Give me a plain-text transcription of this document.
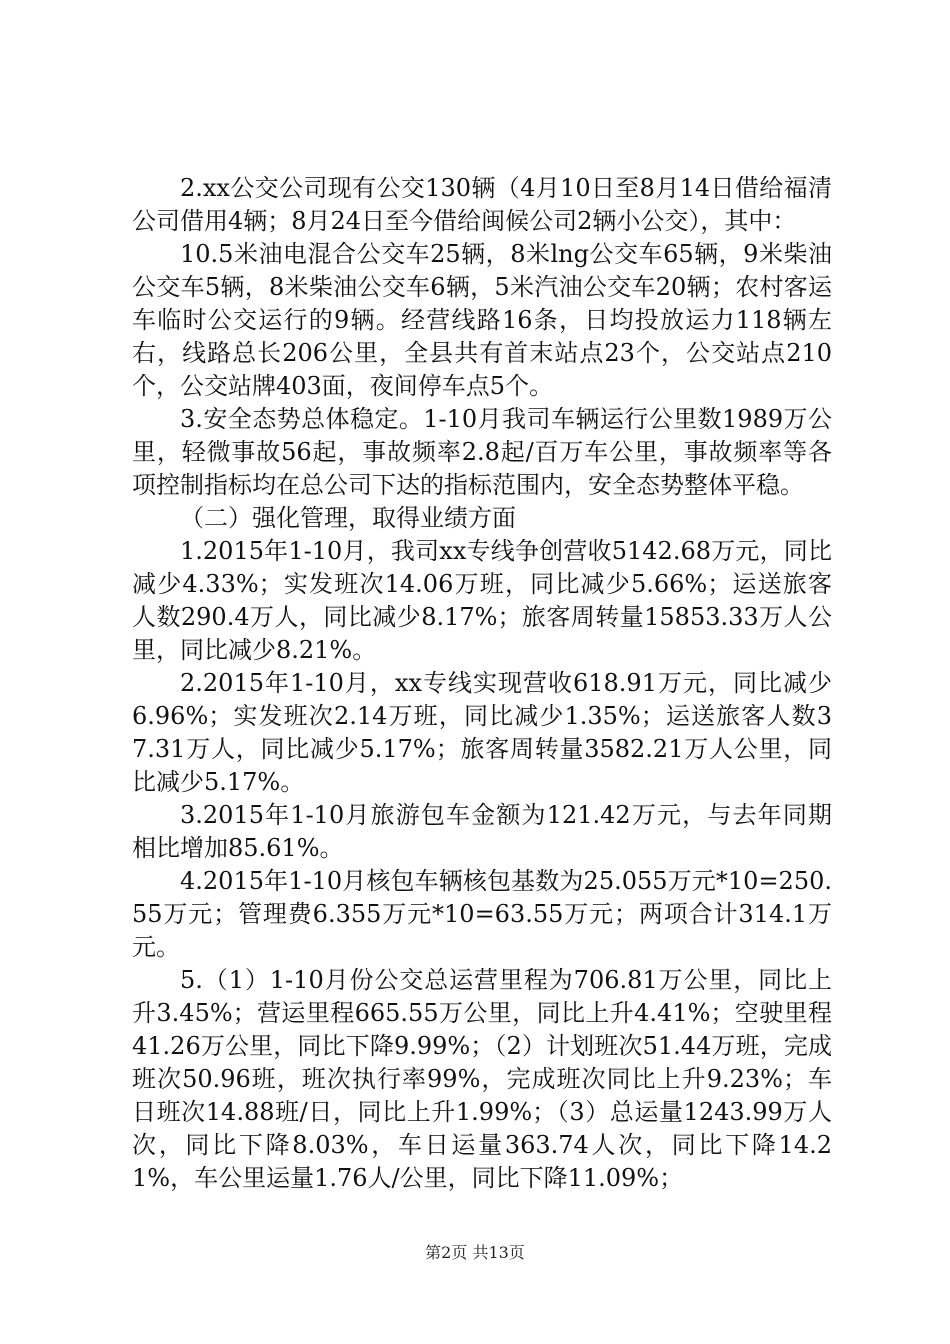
2.xx公交公司现有公交130辆（4月10日至8月14日借给福清公司借用4辆；8月24日至今借给闽候公司2辆小公交），其中：

10.5米油电混合公交车25辆，8米lng公交车65辆，9米柴油公交车5辆，8米柴油公交车6辆，5米汽油公交车20辆；农村客运车临时公交运行的9辆。经营线路16条，日均投放运力118辆左右，线路总长206公里，全县共有首末站点23个，公交站点210个，公交站牌403面，夜间停车点5个。

3.安全态势总体稳定。1-10月我司车辆运行公里数1989万公里，轻微事故56起，事故频率2.8起/百万车公里，事故频率等各项控制指标均在总公司下达的指标范围内，安全态势整体平稳。

（二）强化管理，取得业绩方面

1.2015年1-10月，我司xx专线争创营收5142.68万元，同比减少4.33%；实发班次14.06万班，同比减少5.66%；运送旅客人数290.4万人，同比减少8.17%；旅客周转量15853.33万人公里，同比减少8.21%。

2.2015年1-10月，xx专线实现营收618.91万元，同比减少6.96%；实发班次2.14万班，同比减少1.35%；运送旅客人数37.31万人，同比减少5.17%；旅客周转量3582.21万人公里，同比减少5.17%。

3.2015年1-10月旅游包车金额为121.42万元，与去年同期相比增加85.61%。

4.2015年1-10月核包车辆核包基数为25.055万元*10=250.55万元；管理费6.355万元*10=63.55万元；两项合计314.1万元。

5.（1）1-10月份公交总运营里程为706.81万公里，同比上升3.45%；营运里程665.55万公里，同比上升4.41%；空驶里程41.26万公里，同比下降9.99%；（2）计划班次51.44万班，完成班次50.96班，班次执行率99%，完成班次同比上升9.23%；车日班次14.88班/日，同比上升1.99%；（3）总运量1243.99万人次，同比下降8.03%，车日运量363.74人次，同比下降14.21%，车公里运量1.76人/公里，同比下降11.09%；

第2页 共13页
